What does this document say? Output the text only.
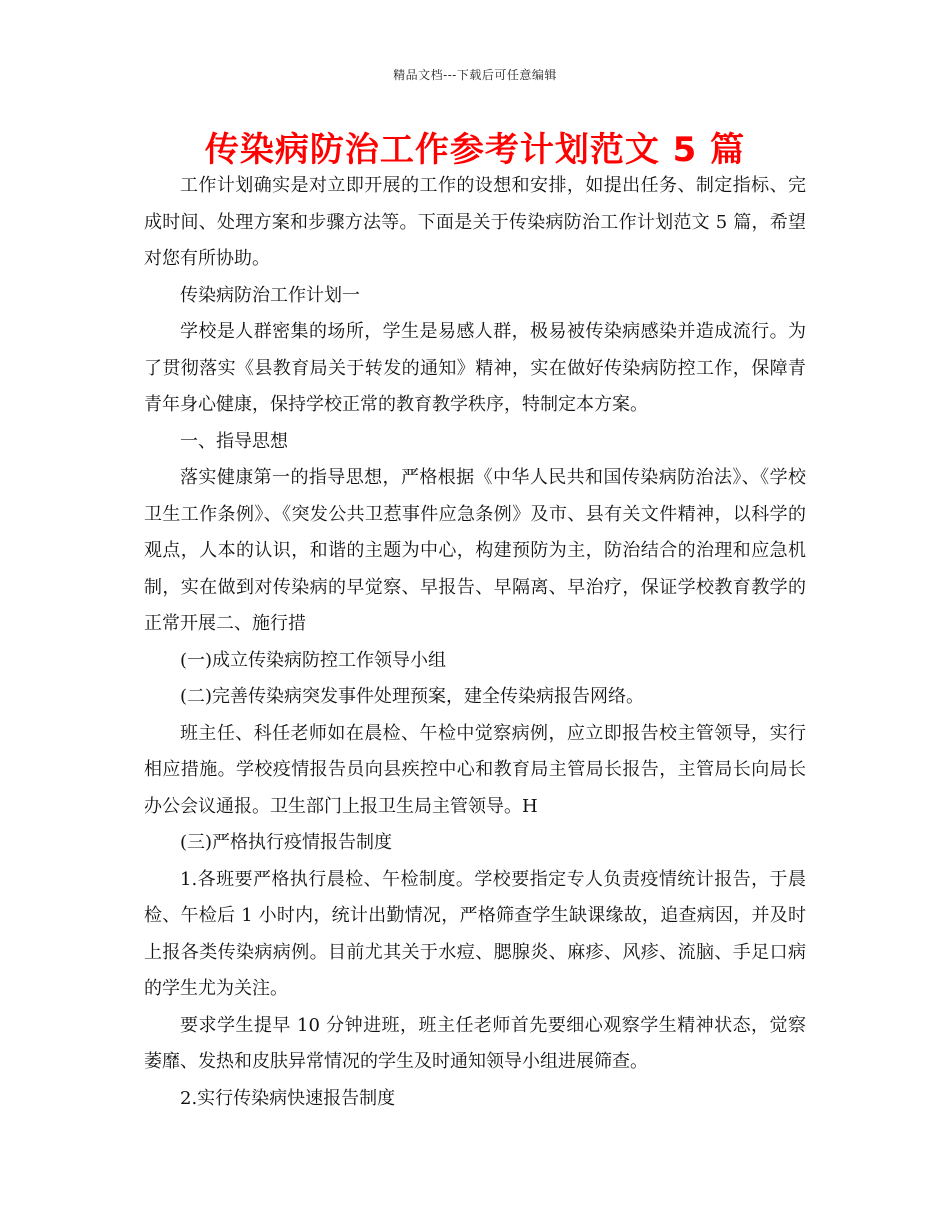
精品文档---下载后可任意编辑
传染病防治工作参考计划范文 5 篇

工作计划确实是对立即开展的工作的设想和安排，如提出任务、制定指标、完成时间、处理方案和步骤方法等。下面是关于传染病防治工作计划范文 5 篇，希望对您有所协助。

传染病防治工作计划一

学校是人群密集的场所，学生是易感人群，极易被传染病感染并造成流行。为了贯彻落实《县教育局关于转发的通知》精神，实在做好传染病防控工作，保障青青年身心健康，保持学校正常的教育教学秩序，特制定本方案。

一、指导思想

落实健康第一的指导思想，严格根据《中华人民共和国传染病防治法》、《学校卫生工作条例》、《突发公共卫惹事件应急条例》及市、县有关文件精神，以科学的观点，人本的认识，和谐的主题为中心，构建预防为主，防治结合的治理和应急机制，实在做到对传染病的早觉察、早报告、早隔离、早治疗，保证学校教育教学的正常开展二、施行措

(一)成立传染病防控工作领导小组

(二)完善传染病突发事件处理预案，建全传染病报告网络。

班主任、科任老师如在晨检、午检中觉察病例，应立即报告校主管领导，实行相应措施。学校疫情报告员向县疾控中心和教育局主管局长报告，主管局长向局长办公会议通报。卫生部门上报卫生局主管领导。H

(三)严格执行疫情报告制度

1.各班要严格执行晨检、午检制度。学校要指定专人负责疫情统计报告，于晨检、午检后 1 小时内，统计出勤情况，严格筛查学生缺课缘故，追查病因，并及时上报各类传染病病例。目前尤其关于水痘、腮腺炎、麻疹、风疹、流脑、手足口病的学生尤为关注。

要求学生提早 10 分钟进班，班主任老师首先要细心观察学生精神状态，觉察萎靡、发热和皮肤异常情况的学生及时通知领导小组进展筛查。

2.实行传染病快速报告制度
